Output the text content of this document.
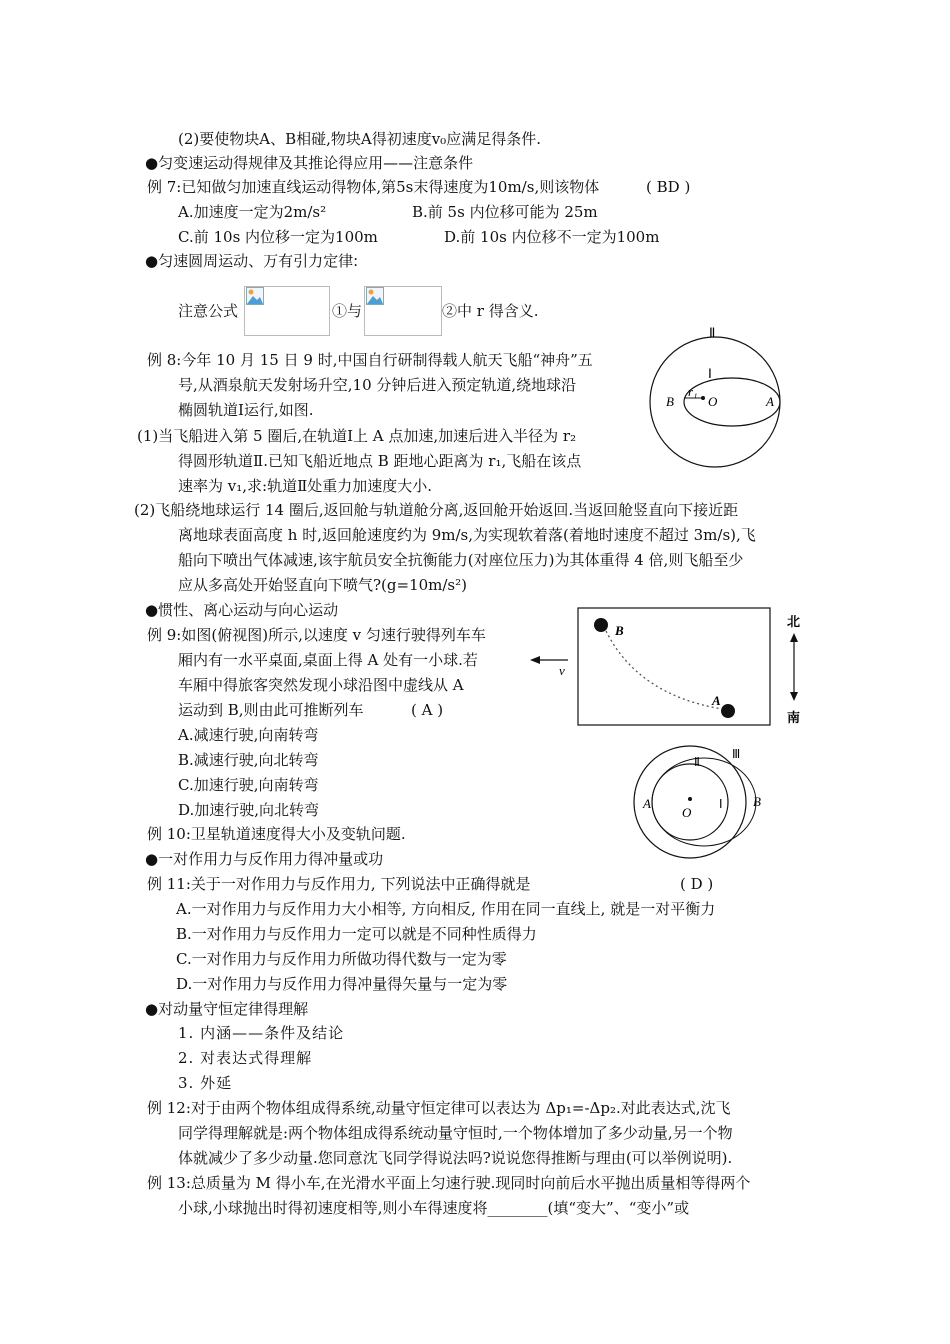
(2)要使物块A、B相碰,物块A得初速度v₀应满足得条件.
●匀变速运动得规律及其推论得应用——注意条件
例 7:已知做匀加速直线运动得物体,第5s末得速度为10m/s,则该物体	( BD )
A.加速度一定为2m/s²	B.前 5s 内位移可能为 25m
C.前 10s 内位移一定为100m	D.前 10s 内位移不一定为100m
●匀速圆周运动、万有引力定律:
注意公式	①与	②中 r 得含义.
例 8:今年 10 月 15 日 9 时,中国自行研制得载人航天飞船“神舟”五
号,从酒泉航天发射场升空,10 分钟后进入预定轨道,绕地球沿
椭圆轨道Ⅰ运行,如图.
(1)当飞船进入第 5 圈后,在轨道Ⅰ上 A 点加速,加速后进入半径为 r₂
得圆形轨道Ⅱ.已知飞船近地点 B 距地心距离为 r₁,飞船在该点
速率为 v₁,求:轨道Ⅱ处重力加速度大小.
(2)飞船绕地球运行 14 圈后,返回舱与轨道舱分离,返回舱开始返回.当返回舱竖直向下接近距
离地球表面高度 h 时,返回舱速度约为 9m/s,为实现软着落(着地时速度不超过 3m/s),飞
船向下喷出气体减速,该宇航员安全抗衡能力(对座位压力)为其体重得 4 倍,则飞船至少
应从多高处开始竖直向下喷气?(g=10m/s²)
Ⅱ
Ⅰ
B	A
O
r₁
●惯性、离心运动与向心运动
例 9:如图(俯视图)所示,以速度 v 匀速行驶得列车车
厢内有一水平桌面,桌面上得 A 处有一小球.若
车厢中得旅客突然发现小球沿图中虚线从 A
运动到 B,则由此可推断列车	( A )
A.减速行驶,向南转弯
B.减速行驶,向北转弯
C.加速行驶,向南转弯
D.加速行驶,向北转弯
B
A
v
北
南
Ⅱ
Ⅲ
Ⅰ
A	B
O
例 10:卫星轨道速度得大小及变轨问题.
●一对作用力与反作用力得冲量或功
例 11:关于一对作用力与反作用力, 下列说法中正确得就是	( D )
A.一对作用力与反作用力大小相等, 方向相反, 作用在同一直线上, 就是一对平衡力
B.一对作用力与反作用力一定可以就是不同种性质得力
C.一对作用力与反作用力所做功得代数与一定为零
D.一对作用力与反作用力得冲量得矢量与一定为零
●对动量守恒定律得理解
1. 内涵——条件及结论
2. 对表达式得理解
3. 外延
例 12:对于由两个物体组成得系统,动量守恒定律可以表达为 Δp₁=-Δp₂.对此表达式,沈飞
同学得理解就是:两个物体组成得系统动量守恒时,一个物体增加了多少动量,另一个物
体就减少了多少动量.您同意沈飞同学得说法吗?说说您得推断与理由(可以举例说明).
例 13:总质量为 M 得小车,在光滑水平面上匀速行驶.现同时向前后水平抛出质量相等得两个
小球,小球抛出时得初速度相等,则小车得速度将________(填“变大”、“变小”或
